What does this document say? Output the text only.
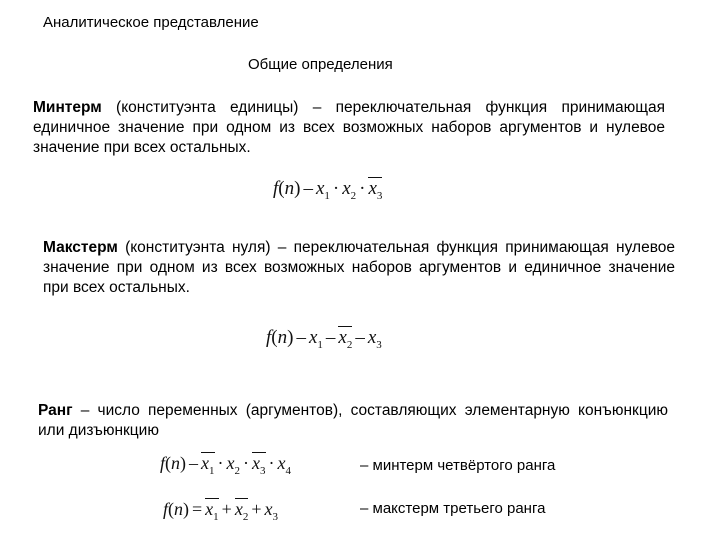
Аналитическое представление
Общие определения
Минтерм (конституэнта единицы) – переключательная функция принимающая единичное значение при одном из всех возможных наборов аргументов и нулевое значение при всех остальных.
$f(n) - x_1 \cdot x_2 \cdot x_3$
Макстерм (конституэнта нуля) – переключательная функция принимающая нулевое значение при одном из всех возможных наборов аргументов и единичное значение при всех остальных.
$f(n) - x_1 - x_2 - x_3$
Ранг – число переменных (аргументов), составляющих элементарную конъюнкцию или дизъюнкцию
$f(n) - x_1 \cdot x_2 \cdot x_3 \cdot x_4$	– минтерм четвёртого ранга
$f(n) = x_1 + x_2 + x_3$	– макстерм третьего ранга
